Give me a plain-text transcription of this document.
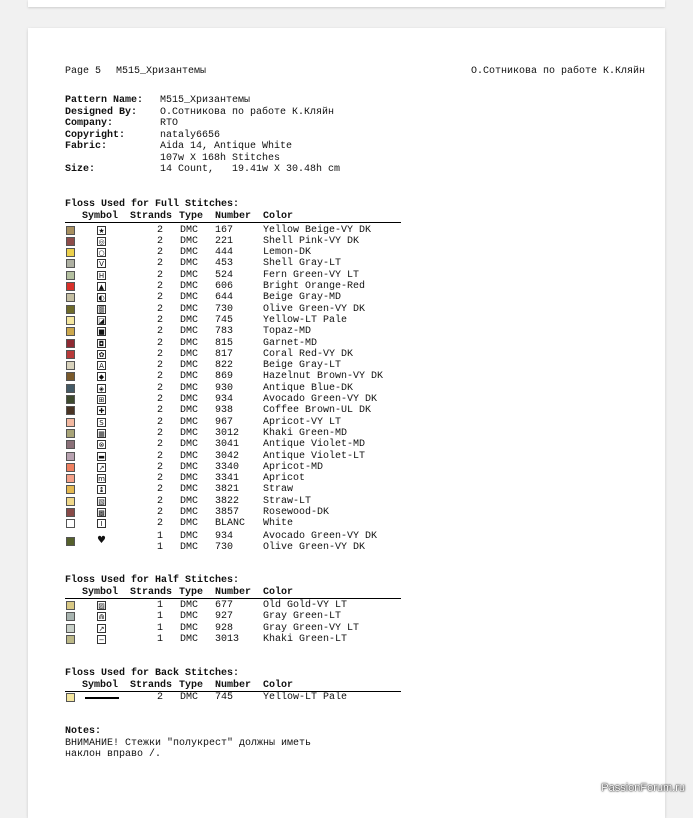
Page 5 M515_Хризантемы	О.Сотникова по работе К.Кляйн
Pattern Name: M515_Хризантемы
Designed By: О.Сотникова по работе К.Кляйн
Company:	RTO
Copyright:	nataly6656
Fabric:	Aida 14, Antique White
107w X 168h Stitches
Size:	14 Count,   19.41w X 30.48h cm
Floss Used for Full Stitches:
Symbol Strands Type Number Color
★	2 DMC 167	Yellow Beige-VY DK
◎	2 DMC 221	Shell Pink-VY DK
○	2 DMC 444	Lemon-DK
V	2 DMC 453	Shell Gray-LT
H	2 DMC 524	Fern Green-VY LT
▲	2 DMC 606	Bright Orange-Red
◐	2 DMC 644	Beige Gray-MD
▒	2 DMC 730	Olive Green-VY DK
◪	2 DMC 745	Yellow-LT Pale
■	2 DMC 783	Topaz-MD
◘	2 DMC 815	Garnet-MD
✿	2 DMC 817	Coral Red-VY DK
A	2 DMC 822	Beige Gray-LT
◆	2 DMC 869	Hazelnut Brown-VY DK
◈	2 DMC 930	Antique Blue-DK
⊞	2 DMC 934	Avocado Green-VY DK
✚	2 DMC 938	Coffee Brown-UL DK
S	2 DMC 967	Apricot-VY LT
▦	2 DMC 3012 Khaki Green-MD
⊗	2 DMC 3041 Antique Violet-MD
▬	2 DMC 3042 Antique Violet-LT
↗	2 DMC 3340 Apricot-MD
m	2 DMC 3341 Apricot
↨	2 DMC 3821 Straw
▧	2 DMC 3822 Straw-LT
▩	2 DMC 3857 Rosewood-DK
I	2 DMC BLANC White
♥	1 DMC 934	Avocado Green-VY DK
1 DMC 730	Olive Green-VY DK
Floss Used for Half Stitches:
Symbol Strands Type Number Color
▨	1 DMC 677	Old Gold-VY LT
⋒	1 DMC 927	Gray Green-LT
↗	1 DMC 928	Gray Green-VY LT
−	1 DMC 3013 Khaki Green-LT
Floss Used for Back Stitches:
Symbol Strands Type Number Color
2 DMC 745	Yellow-LT Pale
Notes:
ВНИМАНИЕ! Стежки "полукрест" должны иметь
наклон вправо /.
PassionForum.ru
